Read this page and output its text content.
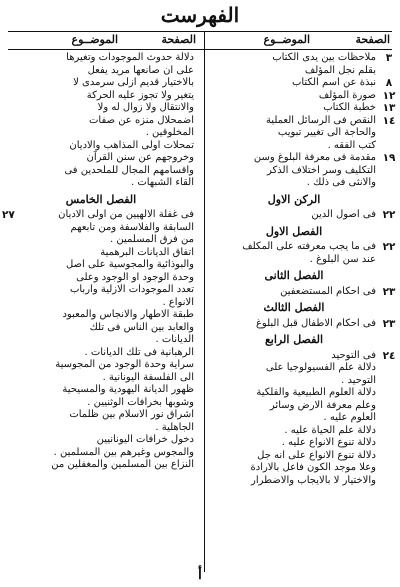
الفهرست
الصفحة
الموضــوع
الصفحة
الموضــوع
٣
ملاحظات بين يدى الكتاب
بقلم نجل المؤلف
٨
نبذة عن اسم الكتاب
١٢
صورة المؤلف
١٣
خطبة الكتاب
١٤
النقص فى الرسائل العملية
والحاجة الى تغيير تبويب
كتب الفقه .
١٩
مقدمة فى معرفة البلوغ وسن
التكليف وسر اختلاف الذكر
والانثى فى ذلك .
الركن الاول
٢٢
فى اصول الدين
الفصل الاول
٢٢
فى ما يجب معرفته على المكلف
عند سن البلوغ .
الفصل الثانى
٢٣
فى احكام المستضعفين
الفصل الثالث
٢٣
فى احكام الاطفال قبل البلوغ
الفصل الرابع
٢٤
فى التوحيد
دلالة علم الفسيولوجيا على
التوحيد .
دلالة العلوم الطبيعية والفلكية
وعلم معرفة الارض وسائر
العلوم عليه .
دلالة علم الحياة عليه .
دلالة تنوع الانواع عليه .
دلالة تنوع الانواع على انه جل
وعلا موجد الكون فاعل بالارادة
والاختيار لا بالايجاب والاضطرار
دلالة حدوث الموجودات وتغيرها
على ان صانعها مريد يفعل
بالاختيار قديم ازلى سرمدى لا
يتغير ولا تجوز عليه الحركة
والانتقال ولا زوال له ولا
اضمحلال منزه عن صفات
المخلوقين .
تمحلات اولى المذاهب والاديان
وخروجهم عن سنن القرآن
واقسامهم المجال للملحدين فى
القاء الشبهات .
الفصل الخامس
٢٧	فى غفلة الالهيين من اولى الاديان
السابقة والفلاسفة ومن تابعهم
من فرق المسلمين .
اتفاق الديانات البرهمية
والبوذائية والمجوسية على اصل
وحدة الوجود او الوجود وعلى
تعدد الموجودات الازلية وارباب
الانواع .
طبقة الاطهار والانجاس والمعبود
والعابد بين الناس فى تلك
الديانات .
الرهبانية فى تلك الديانات .
سراية وحدة الوجود من المجوسية
الى الفلسفة اليونانية .
ظهور الديانة اليهودية والمسيحية
وشوبها بخرافات الوثنيين .
اشراق نور الاسلام بين ظلمات
الجاهلية .
دخول خرافات اليونانيين
والمجوس وغيرهم بين المسلمين .
النزاع بين المسلمين والمغفلين من
أ
